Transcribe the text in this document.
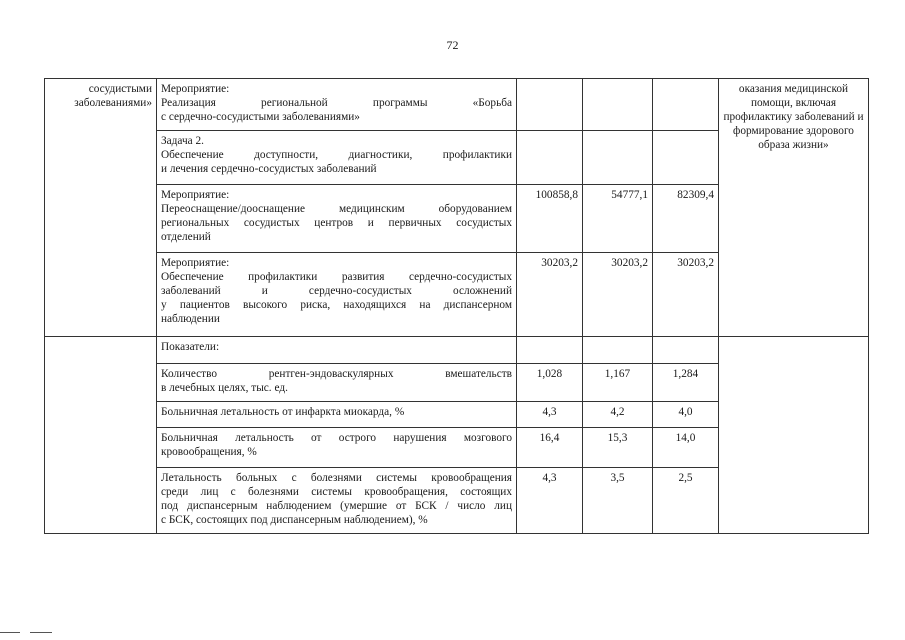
72
сосудистыми заболеваниями»	Мероприятие:
Реализация региональной программы «Борьба
с сердечно-сосудистыми заболеваниями»				оказания медицинской помощи, включая профилактику заболеваний и формирование здорового образа жизни»

	Задача 2.
Обеспечение доступности, диагностики, профилактики
и лечения сердечно-сосудистых заболеваний				

	Мероприятие:
Переоснащение/дооснащение медицинским оборудованием
региональных сосудистых центров и первичных сосудистых
отделений	100858,8	54777,1	82309,4	

	Мероприятие:
Обеспечение профилактики развития сердечно-сосудистых
заболеваний и сердечно-сосудистых осложнений
у пациентов высокого риска, находящихся на диспансерном
наблюдении	30203,2	30203,2	30203,2	
	Показатели:				

	Количество рентген-эндоваскулярных вмешательств
в лечебных целях, тыс. ед.	1,028	1,167	1,284	

	Больничная летальность от инфаркта миокарда, %	4,3	4,2	4,0	

	Больничная летальность от острого нарушения мозгового
кровообращения, %	16,4	15,3	14,0	

	Летальность больных с болезнями системы кровообращения
среди лиц с болезнями системы кровообращения, состоящих
под диспансерным наблюдением (умершие от БСК / число лиц
с БСК, состоящих под диспансерным наблюдением), %	4,3	3,5	2,5	
